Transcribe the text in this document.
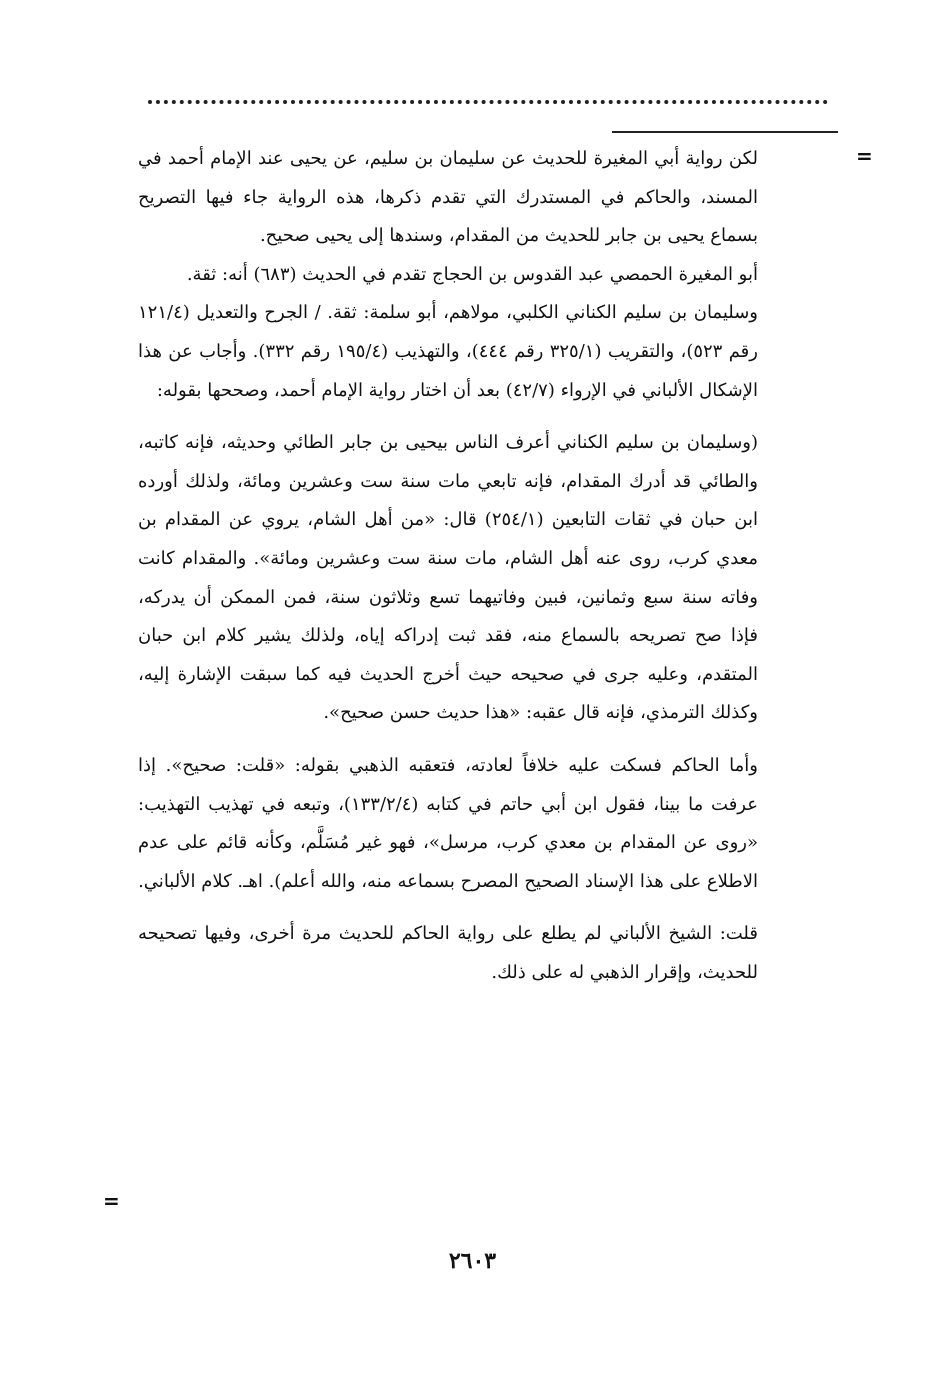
=

لكن رواية أبي المغيرة للحديث عن سليمان بن سليم، عن يحيى عند الإمام أحمد في المسند، والحاكم في المستدرك التي تقدم ذكرها، هذه الرواية جاء فيها التصريح بسماع يحيى بن جابر للحديث من المقدام، وسندها إلى يحيى صحيح.

أبو المغيرة الحمصي عبد القدوس بن الحجاج تقدم في الحديث (٦٨٣) أنه: ثقة.

وسليمان بن سليم الكناني الكلبي، مولاهم، أبو سلمة: ثقة. / الجرح والتعديل (١٢١/٤ رقم ٥٢٣)، والتقريب (٣٢٥/١ رقم ٤٤٤)، والتهذيب (١٩٥/٤ رقم ٣٣٢). وأجاب عن هذا الإشكال الألباني في الإرواء (٤٢/٧) بعد أن اختار رواية الإمام أحمد، وصححها بقوله:

(وسليمان بن سليم الكناني أعرف الناس بيحيى بن جابر الطائي وحديثه، فإنه كاتبه، والطائي قد أدرك المقدام، فإنه تابعي مات سنة ست وعشرين ومائة، ولذلك أورده ابن حبان في ثقات التابعين (٢٥٤/١) قال: «من أهل الشام، يروي عن المقدام بن معدي كرب، روى عنه أهل الشام، مات سنة ست وعشرين ومائة». والمقدام كانت وفاته سنة سبع وثمانين، فبين وفاتيهما تسع وثلاثون سنة، فمن الممكن أن يدركه، فإذا صح تصريحه بالسماع منه، فقد ثبت إدراكه إياه، ولذلك يشير كلام ابن حبان المتقدم، وعليه جرى في صحيحه حيث أخرج الحديث فيه كما سبقت الإشارة إليه، وكذلك الترمذي، فإنه قال عقبه: «هذا حديث حسن صحيح».

وأما الحاكم فسكت عليه خلافاً لعادته، فتعقبه الذهبي بقوله: «قلت: صحيح». إذا عرفت ما بينا، فقول ابن أبي حاتم في كتابه (١٣٣/٢/٤)، وتبعه في تهذيب التهذيب: «روى عن المقدام بن معدي كرب، مرسل»، فهو غير مُسَلَّم، وكأنه قائم على عدم الاطلاع على هذا الإسناد الصحيح المصرح بسماعه منه، والله أعلم). اهـ. كلام الألباني.

قلت: الشيخ الألباني لم يطلع على رواية الحاكم للحديث مرة أخرى، وفيها تصحيحه للحديث، وإقرار الذهبي له على ذلك.

=
٢٦٠٣
